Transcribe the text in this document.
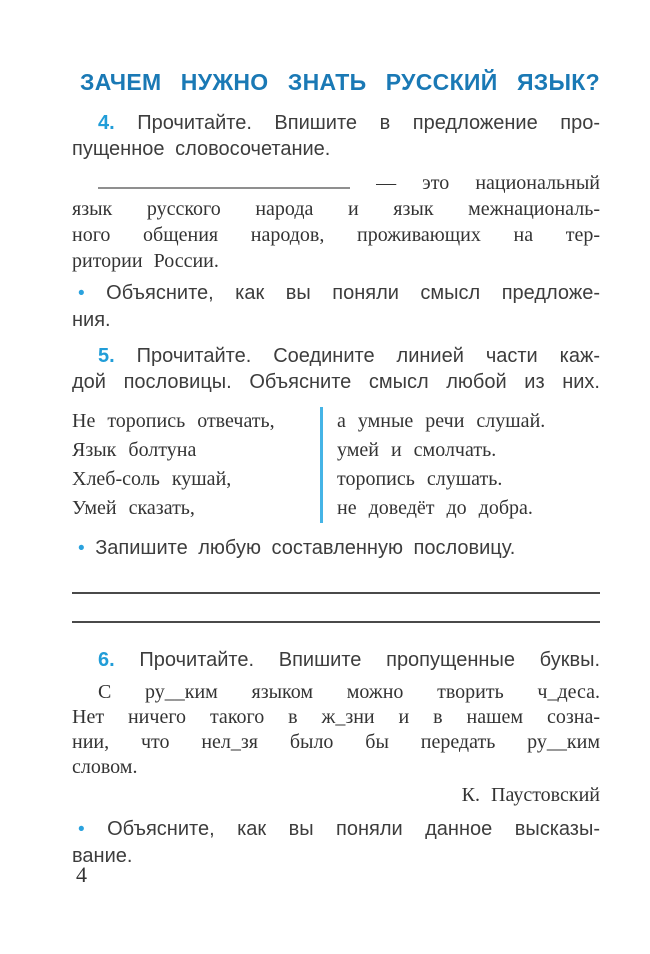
ЗАЧЕМ НУЖНО ЗНАТЬ РУССКИЙ ЯЗЫК?
4. Прочитайте. Впишите в предложение про-
пущенное словосочетание.
— это национальный
язык русского народа и язык межнациональ-
ного общения народов, проживающих на тер-
ритории России.
• Объясните, как вы поняли смысл предложе-
ния.
5. Прочитайте. Соедините линией части каж-
дой пословицы. Объясните смысл любой из них.
Не торопись отвечать,
Язык болтуна
Хлеб-соль кушай,
Умей сказать,
а умные речи слушай.
умей и смолчать.
торопись слушать.
не доведёт до добра.
• Запишите любую составленную пословицу.
6. Прочитайте. Впишите пропущенные буквы.
С ру__ким языком можно творить ч_деса.
Нет ничего такого в ж_зни и в нашем созна-
нии, что нел_зя было бы передать ру__ким
словом.
К. Паустовский
• Объясните, как вы поняли данное высказы-
вание.
4
